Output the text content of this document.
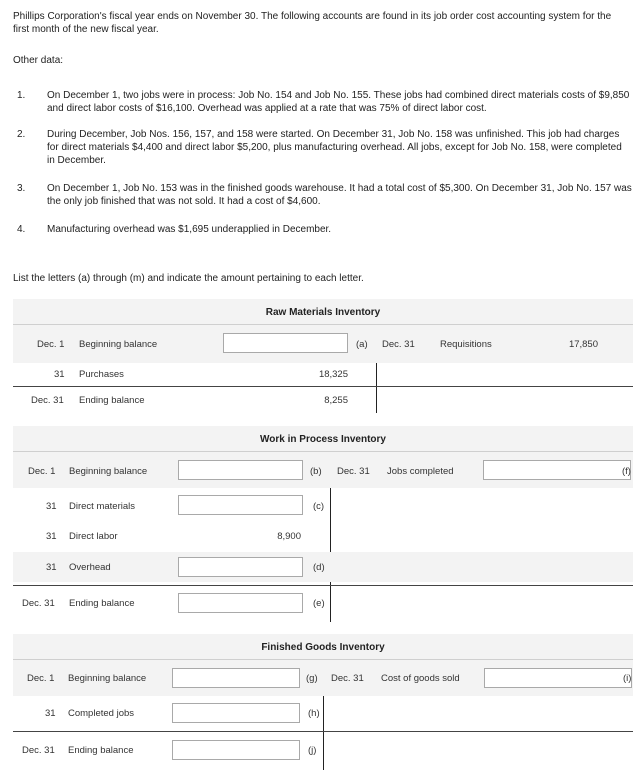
Phillips Corporation's fiscal year ends on November 30. The following accounts are found in its job order cost accounting system for the first month of the new fiscal year.
Other data:
1. On December 1, two jobs were in process: Job No. 154 and Job No. 155. These jobs had combined direct materials costs of $9,850 and direct labor costs of $16,100. Overhead was applied at a rate that was 75% of direct labor cost.
2. During December, Job Nos. 156, 157, and 158 were started. On December 31, Job No. 158 was unfinished. This job had charges for direct materials $4,400 and direct labor $5,200, plus manufacturing overhead. All jobs, except for Job No. 158, were completed in December.
3. On December 1, Job No. 153 was in the finished goods warehouse. It had a total cost of $5,300. On December 31, Job No. 157 was the only job finished that was not sold. It had a cost of $4,600.
4. Manufacturing overhead was $1,695 underapplied in December.
List the letters (a) through (m) and indicate the amount pertaining to each letter.
Raw Materials Inventory
Dec. 1 Beginning balance	(a) Dec. 31	Requisitions	17,850
31 Purchases	18,325
Dec. 31 Ending balance	8,255
Work in Process Inventory
Dec. 1 Beginning balance	(b) Dec. 31 Jobs completed	(f)
31 Direct materials	(c)
31 Direct labor	8,900
31 Overhead	(d)
Dec. 31 Ending balance	(e)
Finished Goods Inventory
Dec. 1 Beginning balance	(g) Dec. 31 Cost of goods sold	(i)
31 Completed jobs	(h)
Dec. 31 Ending balance	(j)
